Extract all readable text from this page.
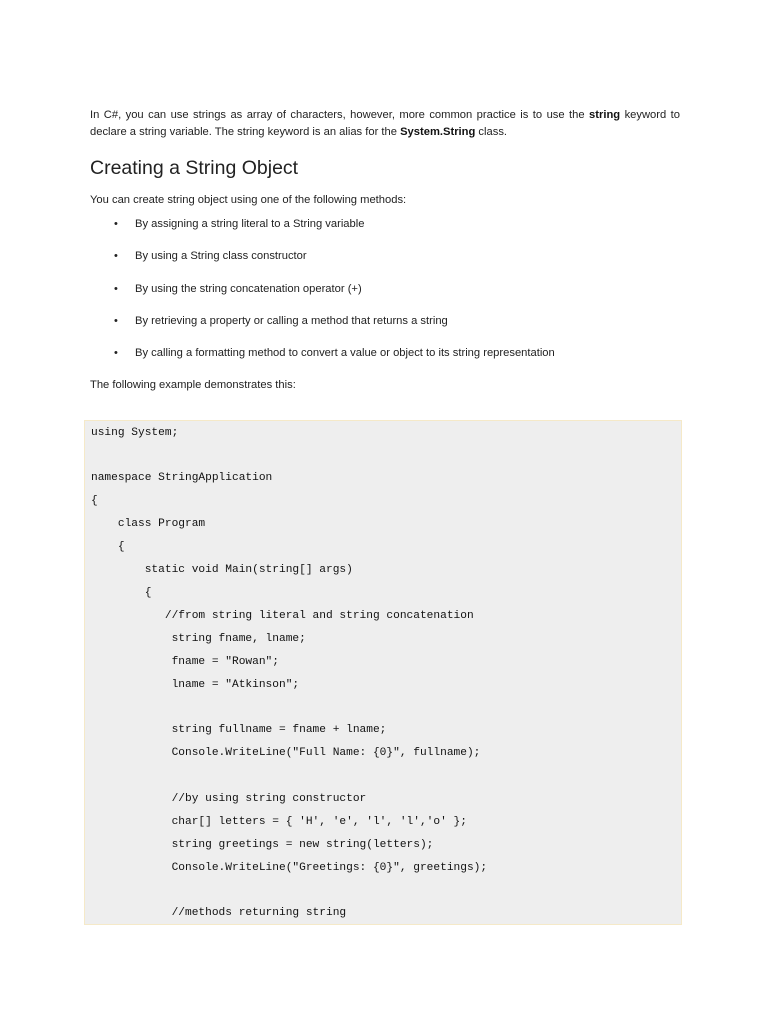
In C#, you can use strings as array of characters, however, more common practice is to use the string keyword to declare a string variable. The string keyword is an alias for the System.String class.

Creating a String Object

You can create string object using one of the following methods:

• By assigning a string literal to a String variable
• By using a String class constructor
• By using the string concatenation operator (+)
• By retrieving a property or calling a method that returns a string
• By calling a formatting method to convert a value or object to its string representation

The following example demonstrates this:

using System;
namespace StringApplication
{
class Program
{
static void Main(string[] args)
{
//from string literal and string concatenation
string fname, lname;
fname = "Rowan";
lname = "Atkinson";
string fullname = fname + lname;
Console.WriteLine("Full Name: {0}", fullname);
//by using string constructor
char[] letters = { 'H', 'e', 'l', 'l','o' };
string greetings = new string(letters);
Console.WriteLine("Greetings: {0}", greetings);
//methods returning string
